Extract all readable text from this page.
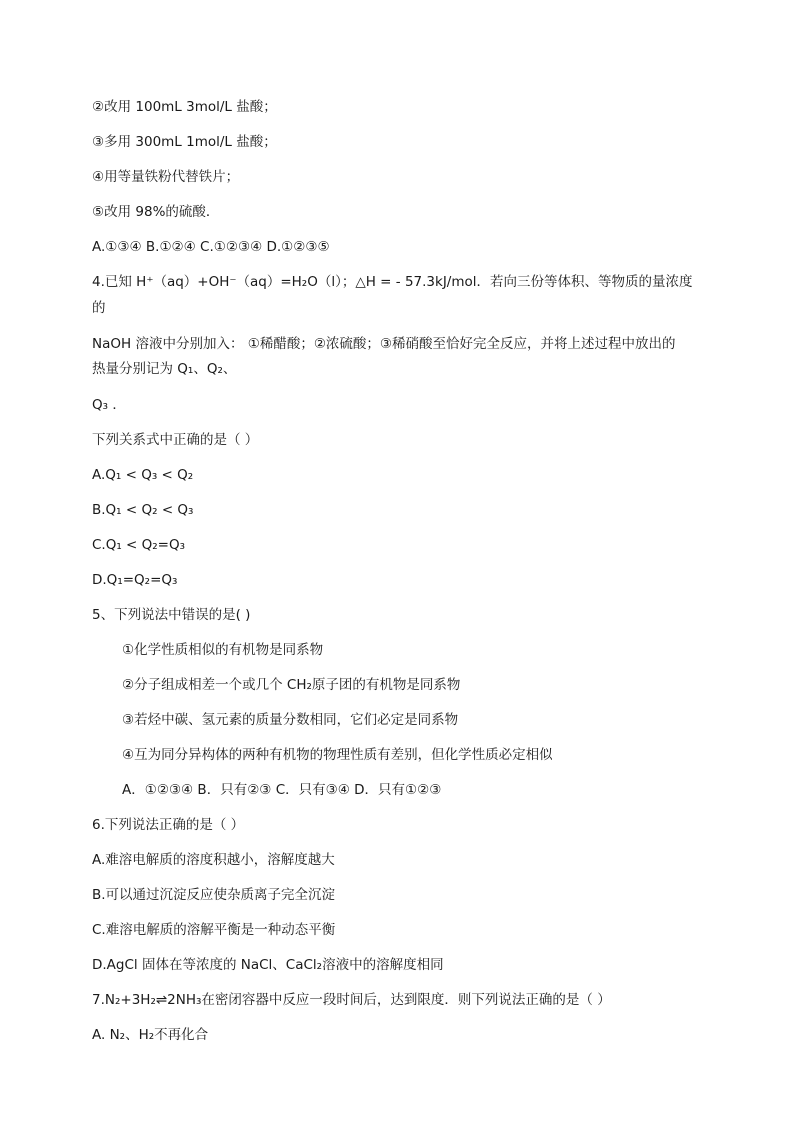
②改用 100mL 3mol/L 盐酸；
③多用 300mL 1mol/L 盐酸；
④用等量铁粉代替铁片；
⑤改用 98%的硫酸．
A.①③④ B.①②④ C.①②③④ D.①②③⑤
4.已知 H⁺（aq）+OH⁻（aq）=H₂O（l）；△H = - 57.3kJ/mol．若向三份等体积、等物质的量浓度
的
NaOH 溶液中分别加入： ①稀醋酸；②浓硫酸；③稀硝酸至恰好完全反应，并将上述过程中放出的
热量分别记为 Q₁、Q₂、
Q₃ ．
下列关系式中正确的是（ ）
A.Q₁ < Q₃ < Q₂
B.Q₁ < Q₂ < Q₃
C.Q₁ < Q₂=Q₃
D.Q₁=Q₂=Q₃
5、下列说法中错误的是( )
①化学性质相似的有机物是同系物
②分子组成相差一个或几个 CH₂原子团的有机物是同系物
③若烃中碳、氢元素的质量分数相同，它们必定是同系物
④互为同分异构体的两种有机物的物理性质有差别，但化学性质必定相似
A．①②③④ B．只有②③ C．只有③④ D．只有①②③
6.下列说法正确的是（ ）
A.难溶电解质的溶度积越小，溶解度越大
B.可以通过沉淀反应使杂质离子完全沉淀
C.难溶电解质的溶解平衡是一种动态平衡
D.AgCl 固体在等浓度的 NaCl、CaCl₂溶液中的溶解度相同
7.N₂+3H₂⇌2NH₃在密闭容器中反应一段时间后，达到限度．则下列说法正确的是（ ）
A. N₂、H₂不再化合
